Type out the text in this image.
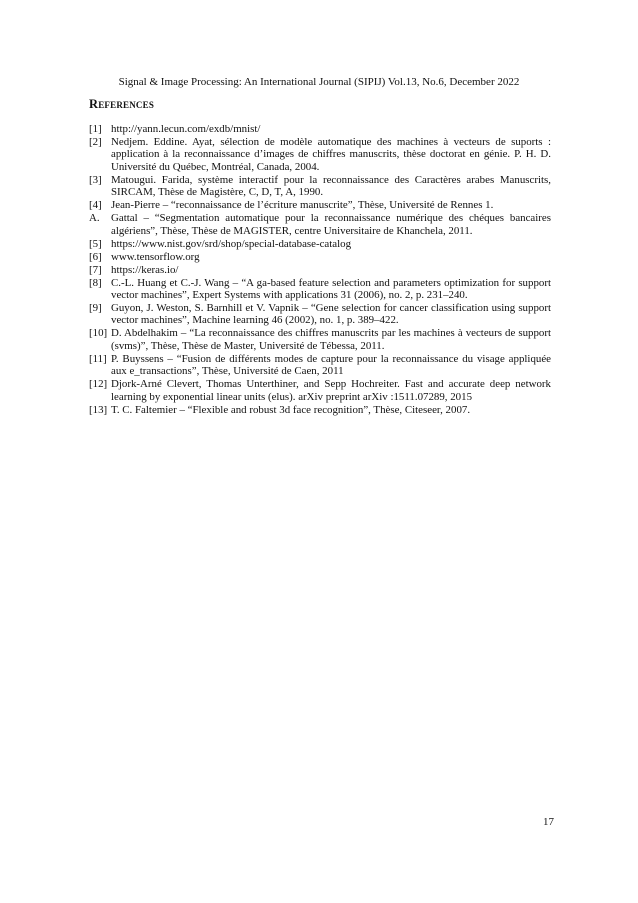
Signal & Image Processing: An International Journal (SIPIJ) Vol.13, No.6, December 2022
References
[1] http://yann.lecun.com/exdb/mnist/
[2] Nedjem. Eddine. Ayat, sélection de modèle automatique des machines à vecteurs de suports : application à la reconnaissance d’images de chiffres manuscrits, thèse doctorat en génie. P. H. D. Université du Québec, Montréal, Canada, 2004.
[3] Matougui. Farida, système interactif pour la reconnaissance des Caractères arabes Manuscrits, SIRCAM, Thèse de Magistère, C, D, T, A, 1990.
[4] Jean-Pierre – “reconnaissance de l’écriture manuscrite”, Thèse, Université de Rennes 1.
A.	Gattal – “Segmentation automatique pour la reconnaissance numérique des chéques bancaires algériens”, Thèse, Thèse de MAGISTER, centre Universitaire de Khanchela, 2011.
[5] https://www.nist.gov/srd/shop/special-database-catalog
[6] www.tensorflow.org
[7] https://keras.io/
[8] C.-L. Huang et C.-J. Wang – “A ga-based feature selection and parameters optimization for support vector machines”, Expert Systems with applications 31 (2006), no. 2, p. 231–240.
[9] Guyon, J. Weston, S. Barnhill et V. Vapnik – “Gene selection for cancer classification using support vector machines”, Machine learning 46 (2002), no. 1, p. 389–422.
[10] D. Abdelhakim – “La reconnaissance des chiffres manuscrits par les machines à vecteurs de support (svms)”, Thèse, Thèse de Master, Université de Tébessa, 2011.
[11] P. Buyssens – “Fusion de différents modes de capture pour la reconnaissance du visage appliquée aux e_transactions”, Thèse, Université de Caen, 2011
[12] Djork-Arné Clevert, Thomas Unterthiner, and Sepp Hochreiter. Fast and accurate deep network learning by exponential linear units (elus). arXiv preprint arXiv :1511.07289, 2015
[13] T. C. Faltemier – “Flexible and robust 3d face recognition”, Thèse, Citeseer, 2007.
17
